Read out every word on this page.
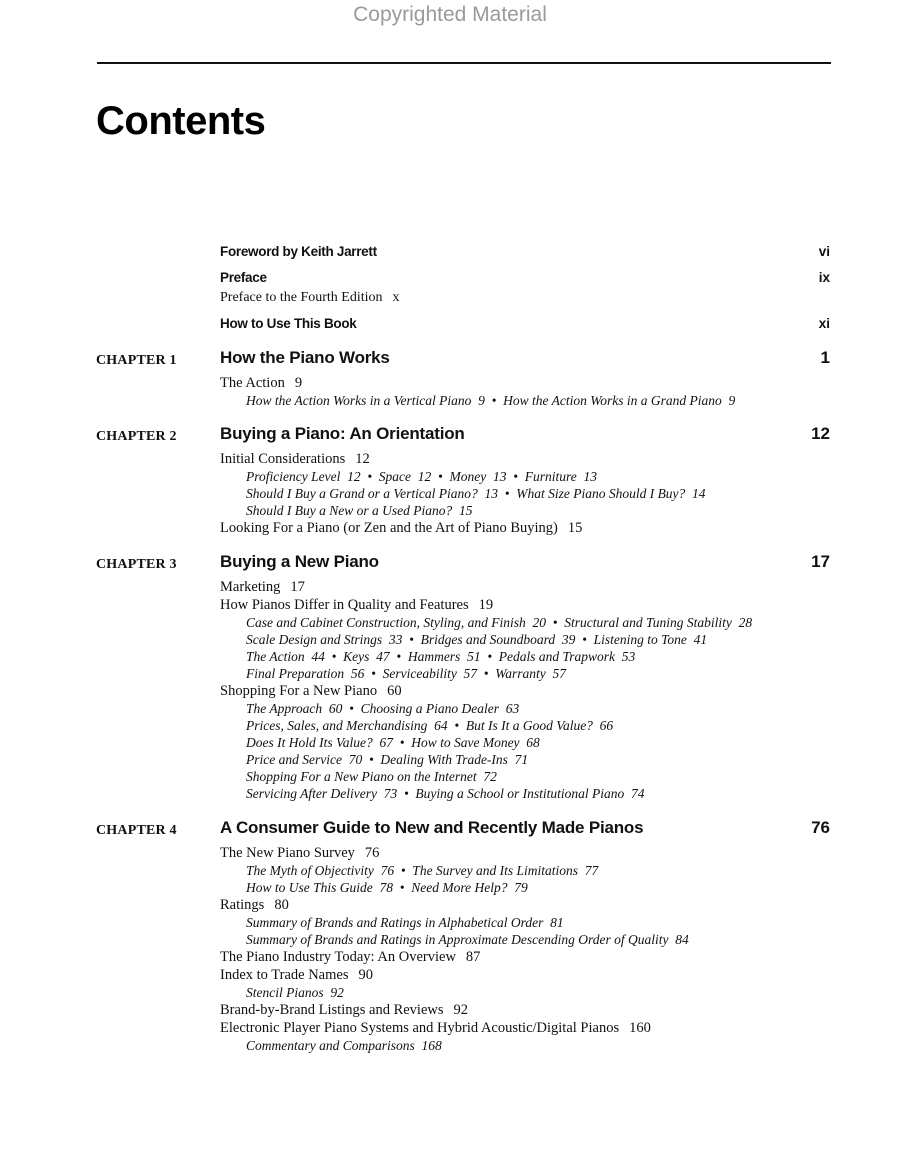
Copyrighted Material
Contents
Foreword by Keith Jarrett	vi
Preface	ix
Preface to the Fourth Edition x
How to Use This Book	xi
CHAPTER 1	How the Piano Works	1
The Action 9
How the Action Works in a Vertical Piano  9  •  How the Action Works in a Grand Piano  9
CHAPTER 2	Buying a Piano: An Orientation	12
Initial Considerations 12
Proficiency Level  12  •  Space  12  •  Money  13  •  Furniture  13
Should I Buy a Grand or a Vertical Piano?  13  •  What Size Piano Should I Buy?  14
Should I Buy a New or a Used Piano?  15
Looking For a Piano (or Zen and the Art of Piano Buying) 15
CHAPTER 3	Buying a New Piano	17
Marketing 17
How Pianos Differ in Quality and Features 19
Case and Cabinet Construction, Styling, and Finish  20  •  Structural and Tuning Stability  28
Scale Design and Strings  33  •  Bridges and Soundboard  39  •  Listening to Tone  41
The Action  44  •  Keys  47  •  Hammers  51  •  Pedals and Trapwork  53
Final Preparation  56  •  Serviceability  57  •  Warranty  57
Shopping For a New Piano 60
The Approach  60  •  Choosing a Piano Dealer  63
Prices, Sales, and Merchandising  64  •  But Is It a Good Value?  66
Does It Hold Its Value?  67  •  How to Save Money  68
Price and Service  70  •  Dealing With Trade-Ins  71
Shopping For a New Piano on the Internet  72
Servicing After Delivery  73  •  Buying a School or Institutional Piano  74
CHAPTER 4	A Consumer Guide to New and Recently Made Pianos	76
The New Piano Survey 76
The Myth of Objectivity  76  •  The Survey and Its Limitations  77
How to Use This Guide  78  •  Need More Help?  79
Ratings 80
Summary of Brands and Ratings in Alphabetical Order  81
Summary of Brands and Ratings in Approximate Descending Order of Quality  84
The Piano Industry Today: An Overview 87
Index to Trade Names 90
Stencil Pianos  92
Brand-by-Brand Listings and Reviews 92
Electronic Player Piano Systems and Hybrid Acoustic/Digital Pianos 160
Commentary and Comparisons  168
